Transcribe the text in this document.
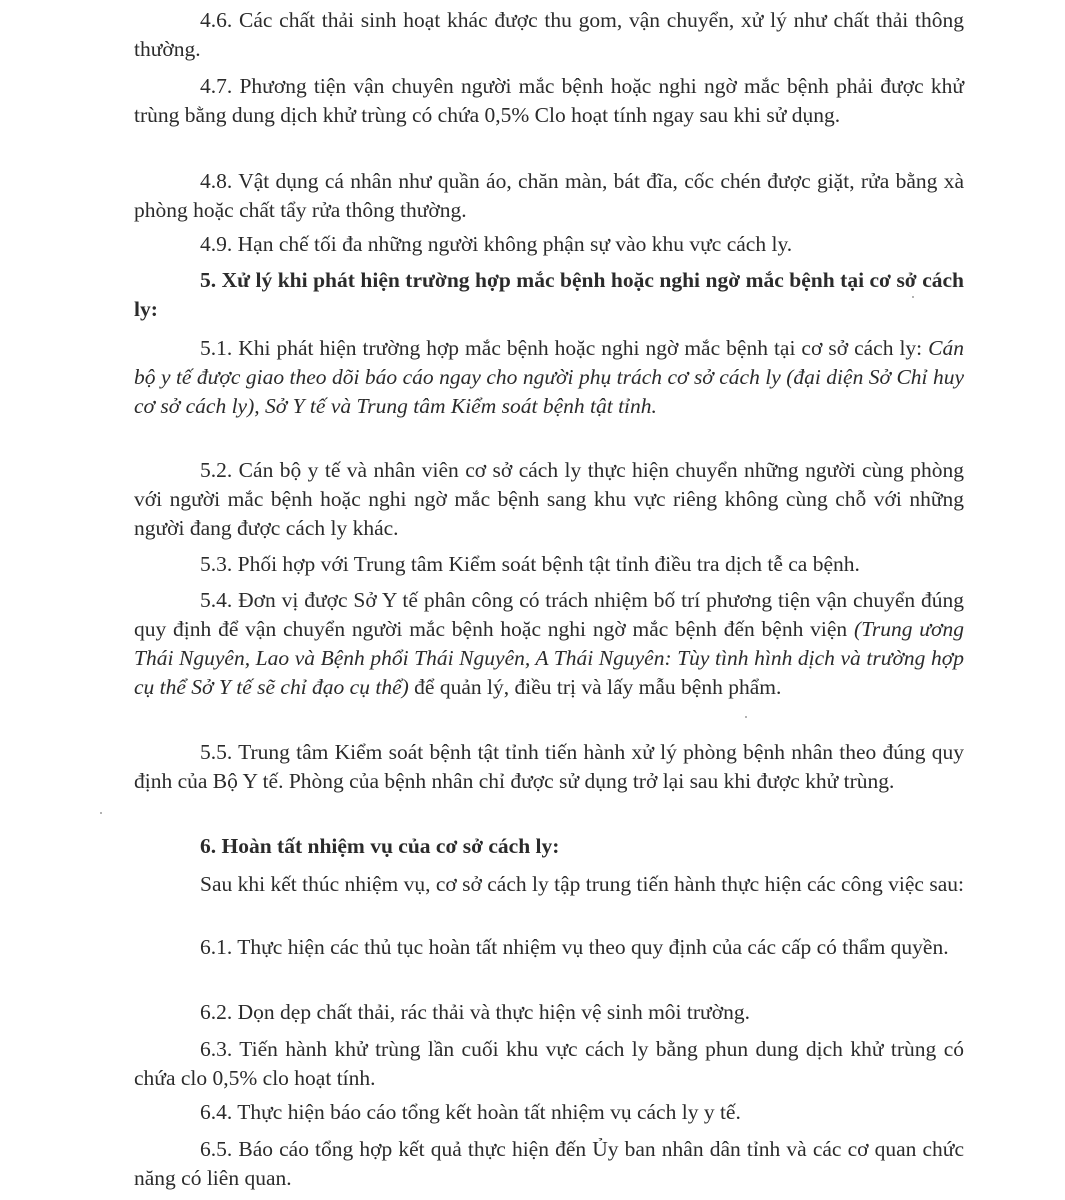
4.6. Các chất thải sinh hoạt khác được thu gom, vận chuyển, xử lý như chất thải thông thường.

4.7. Phương tiện vận chuyên người mắc bệnh hoặc nghi ngờ mắc bệnh phải được khử trùng bằng dung dịch khử trùng có chứa 0,5% Clo hoạt tính ngay sau khi sử dụng.

4.8. Vật dụng cá nhân như quần áo, chăn màn, bát đĩa, cốc chén được giặt, rửa bằng xà phòng hoặc chất tẩy rửa thông thường.

4.9. Hạn chế tối đa những người không phận sự vào khu vực cách ly.

5. Xử lý khi phát hiện trường hợp mắc bệnh hoặc nghi ngờ mắc bệnh tại cơ sở cách ly:

5.1. Khi phát hiện trường hợp mắc bệnh hoặc nghi ngờ mắc bệnh tại cơ sở cách ly: Cán bộ y tế được giao theo dõi báo cáo ngay cho người phụ trách cơ sở cách ly (đại diện Sở Chỉ huy cơ sở cách ly), Sở Y tế và Trung tâm Kiểm soát bệnh tật tỉnh.

5.2. Cán bộ y tế và nhân viên cơ sở cách ly thực hiện chuyển những người cùng phòng với người mắc bệnh hoặc nghi ngờ mắc bệnh sang khu vực riêng không cùng chỗ với những người đang được cách ly khác.

5.3. Phối hợp với Trung tâm Kiểm soát bệnh tật tỉnh điều tra dịch tễ ca bệnh.

5.4. Đơn vị được Sở Y tế phân công có trách nhiệm bố trí phương tiện vận chuyển đúng quy định để vận chuyển người mắc bệnh hoặc nghi ngờ mắc bệnh đến bệnh viện (Trung ương Thái Nguyên, Lao và Bệnh phổi Thái Nguyên, A Thái Nguyên: Tùy tình hình dịch và trường hợp cụ thể Sở Y tế sẽ chỉ đạo cụ thể) để quản lý, điều trị và lấy mẫu bệnh phẩm.

5.5. Trung tâm Kiểm soát bệnh tật tỉnh tiến hành xử lý phòng bệnh nhân theo đúng quy định của Bộ Y tế. Phòng của bệnh nhân chỉ được sử dụng trở lại sau khi được khử trùng.

6. Hoàn tất nhiệm vụ của cơ sở cách ly:

Sau khi kết thúc nhiệm vụ, cơ sở cách ly tập trung tiến hành thực hiện các công việc sau:

6.1. Thực hiện các thủ tục hoàn tất nhiệm vụ theo quy định của các cấp có thẩm quyền.

6.2. Dọn dẹp chất thải, rác thải và thực hiện vệ sinh môi trường.

6.3. Tiến hành khử trùng lần cuối khu vực cách ly bằng phun dung dịch khử trùng có chứa clo 0,5% clo hoạt tính.

6.4. Thực hiện báo cáo tổng kết hoàn tất nhiệm vụ cách ly y tế.

6.5. Báo cáo tổng hợp kết quả thực hiện đến Ủy ban nhân dân tỉnh và các cơ quan chức năng có liên quan.
